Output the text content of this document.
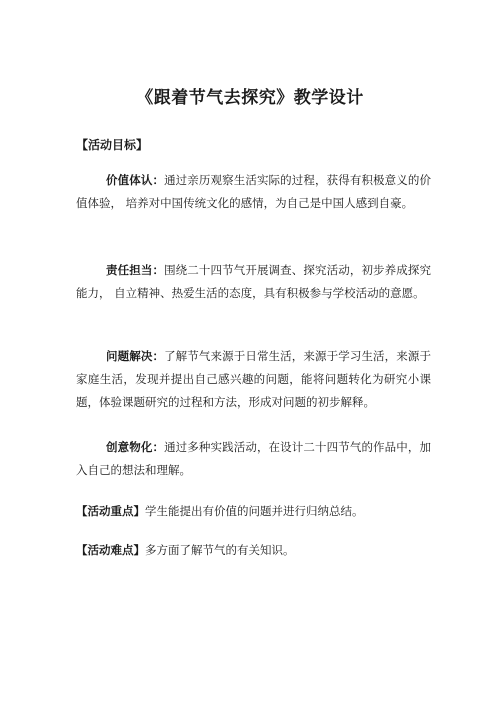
《跟着节气去探究》教学设计
【活动目标】
价值体认：通过亲历观察生活实际的过程，获得有积极意义的价值体验， 培养对中国传统文化的感情，为自己是中国人感到自豪。
责任担当：围绕二十四节气开展调查、探究活动，初步养成探究能力， 自立精神、热爱生活的态度，具有积极参与学校活动的意愿。
问题解决：了解节气来源于日常生活，来源于学习生活，来源于家庭生活，发现并提出自己感兴趣的问题，能将问题转化为研究小课题，体验课题研究的过程和方法，形成对问题的初步解释。
创意物化：通过多种实践活动，在设计二十四节气的作品中，加入自己的想法和理解。
【活动重点】学生能提出有价值的问题并进行归纳总结。
【活动难点】多方面了解节气的有关知识。
